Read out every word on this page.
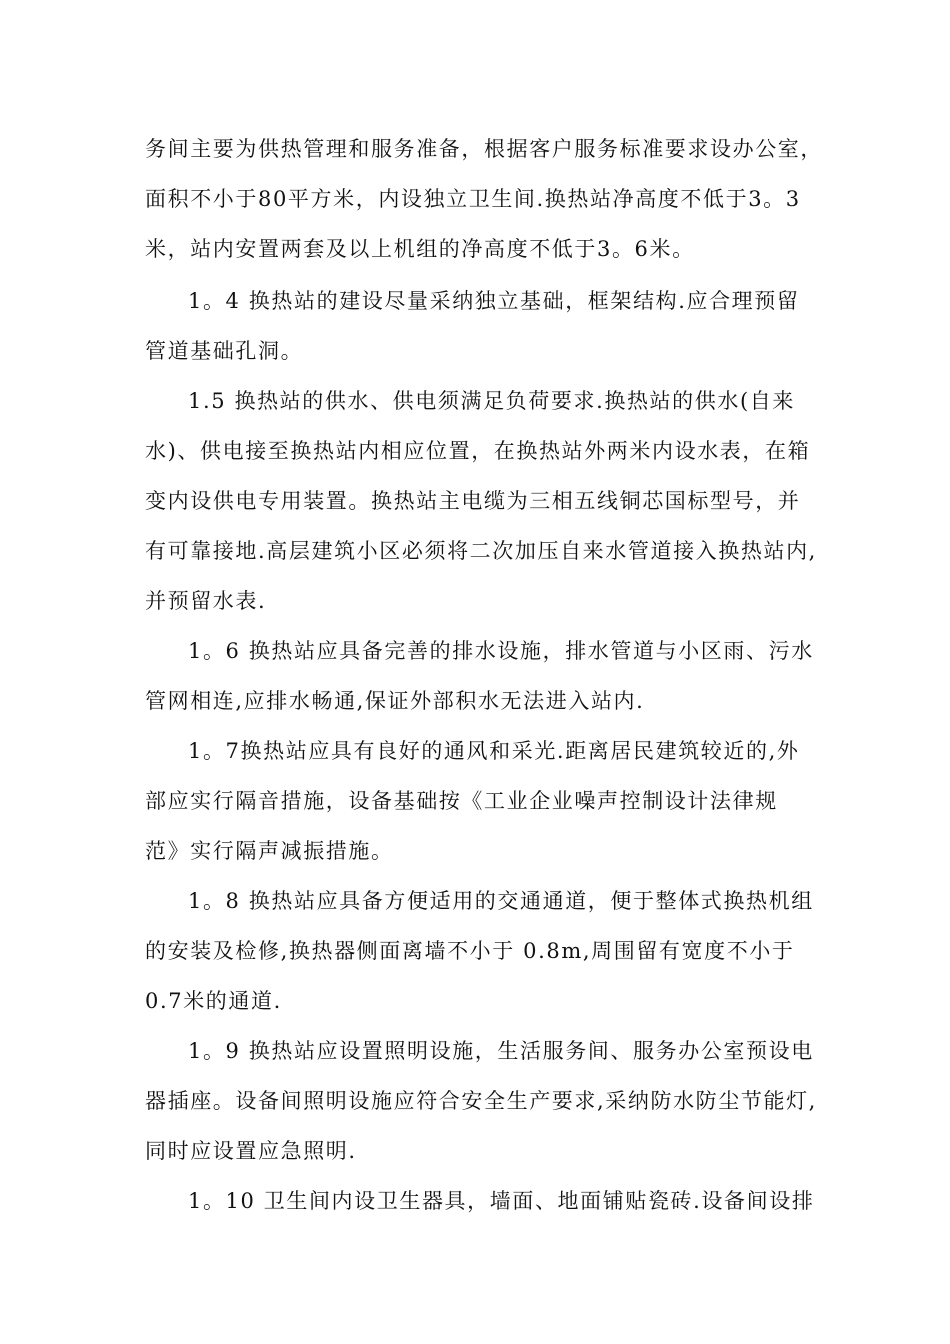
务间主要为供热管理和服务准备，根据客户服务标准要求设办公室，
面积不小于80平方米，内设独立卫生间.换热站净高度不低于3。3
米，站内安置两套及以上机组的净高度不低于3。6米。
1。4 换热站的建设尽量采纳独立基础，框架结构.应合理预留
管道基础孔洞。
1.5 换热站的供水、供电须满足负荷要求.换热站的供水(自来
水)、供电接至换热站内相应位置，在换热站外两米内设水表，在箱
变内设供电专用装置。换热站主电缆为三相五线铜芯国标型号，并
有可靠接地.高层建筑小区必须将二次加压自来水管道接入换热站内,
并预留水表.
1。6 换热站应具备完善的排水设施，排水管道与小区雨、污水
管网相连,应排水畅通,保证外部积水无法进入站内.
1。7换热站应具有良好的通风和采光.距离居民建筑较近的,外
部应实行隔音措施，设备基础按《工业企业噪声控制设计法律规
范》实行隔声减振措施。
1。8 换热站应具备方便适用的交通通道，便于整体式换热机组
的安装及检修,换热器侧面离墙不小于 0.8m,周围留有宽度不小于
0.7米的通道.
1。9 换热站应设置照明设施，生活服务间、服务办公室预设电
器插座。设备间照明设施应符合安全生产要求,采纳防水防尘节能灯,
同时应设置应急照明.
1。10 卫生间内设卫生器具，墙面、地面铺贴瓷砖.设备间设排
